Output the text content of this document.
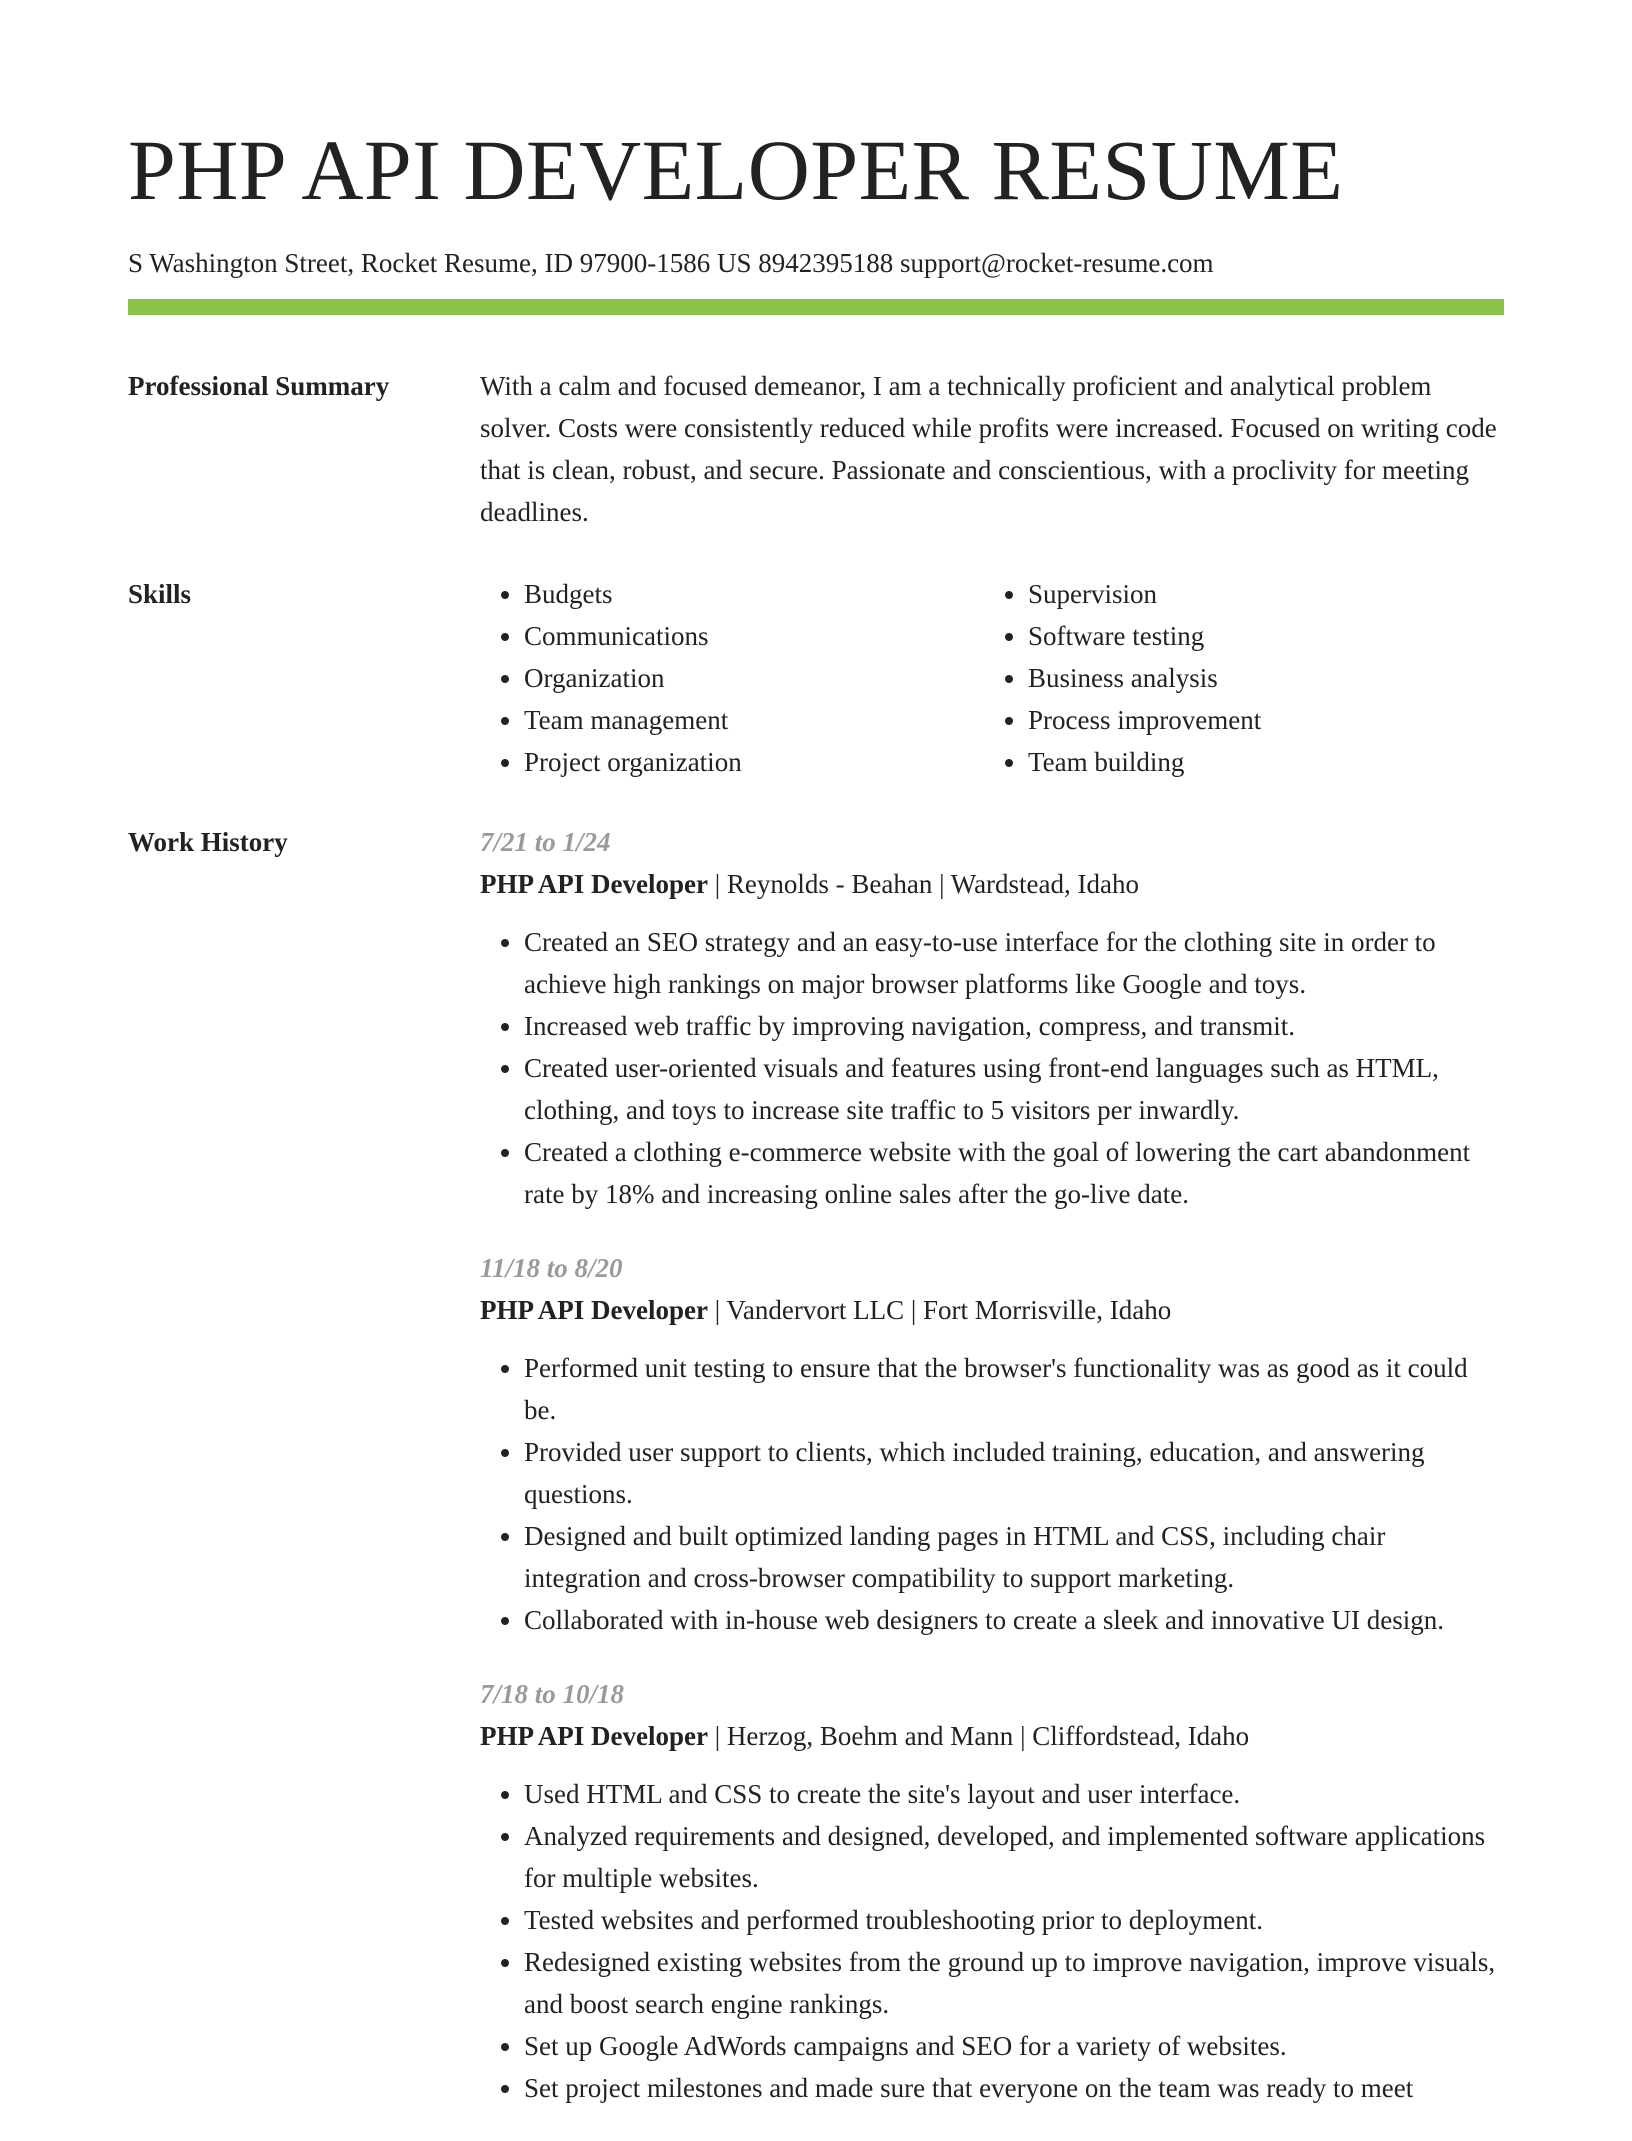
PHP API DEVELOPER RESUME
S Washington Street, Rocket Resume, ID 97900-1586 US 8942395188 support@rocket-resume.com
Professional Summary	With a calm and focused demeanor, I am a technically proficient and analytical problem solver. Costs were consistently reduced while profits were increased. Focused on writing code that is clean, robust, and secure. Passionate and conscientious, with a proclivity for meeting deadlines.

Skills
•	Budgets
• Communications
• Organization
• Team management
• Project organization
• Supervision
• Software testing
• Business analysis
• Process improvement
• Team building
Work History	7/21 to 1/24
PHP API Developer | Reynolds - Beahan | Wardstead, Idaho
• Created an SEO strategy and an easy-to-use interface for the clothing site in order to achieve high rankings on major browser platforms like Google and toys.
• Increased web traffic by improving navigation, compress, and transmit.
• Created user-oriented visuals and features using front-end languages such as HTML, clothing, and toys to increase site traffic to 5 visitors per inwardly.
• Created a clothing e-commerce website with the goal of lowering the cart abandonment rate by 18% and increasing online sales after the go-live date.
11/18 to 8/20
PHP API Developer | Vandervort LLC | Fort Morrisville, Idaho
• Performed unit testing to ensure that the browser's functionality was as good as it could be.
• Provided user support to clients, which included training, education, and answering questions.
• Designed and built optimized landing pages in HTML and CSS, including chair integration and cross-browser compatibility to support marketing.
• Collaborated with in-house web designers to create a sleek and innovative UI design.
7/18 to 10/18
PHP API Developer | Herzog, Boehm and Mann | Cliffordstead, Idaho
• Used HTML and CSS to create the site's layout and user interface.
• Analyzed requirements and designed, developed, and implemented software applications for multiple websites.
• Tested websites and performed troubleshooting prior to deployment.
• Redesigned existing websites from the ground up to improve navigation, improve visuals, and boost search engine rankings.
• Set up Google AdWords campaigns and SEO for a variety of websites.
• Set project milestones and made sure that everyone on the team was ready to meet
